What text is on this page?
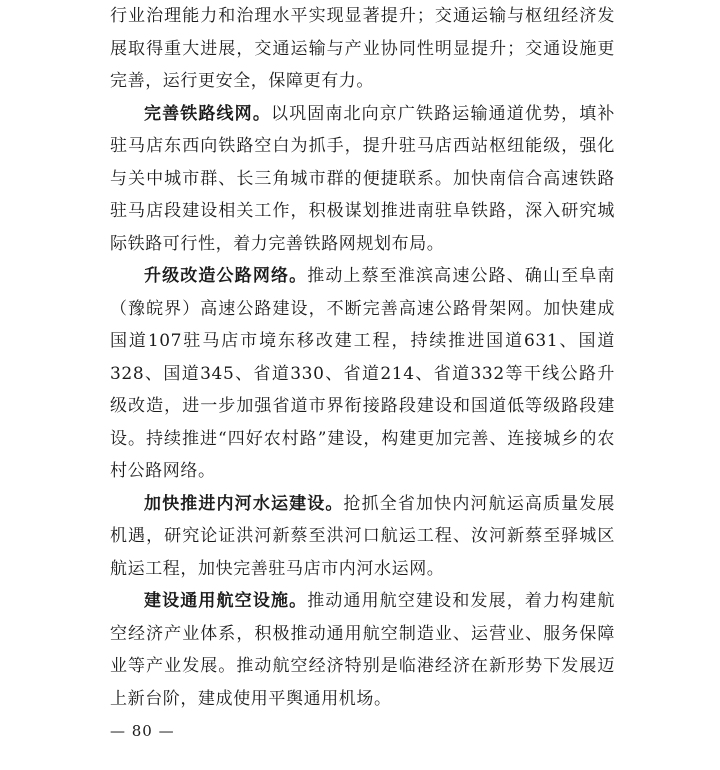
行业治理能力和治理水平实现显著提升；交通运输与枢纽经济发展取得重大进展，交通运输与产业协同性明显提升；交通设施更完善，运行更安全，保障更有力。

完善铁路线网。以巩固南北向京广铁路运输通道优势，填补驻马店东西向铁路空白为抓手，提升驻马店西站枢纽能级，强化与关中城市群、长三角城市群的便捷联系。加快南信合高速铁路驻马店段建设相关工作，积极谋划推进南驻阜铁路，深入研究城际铁路可行性，着力完善铁路网规划布局。

升级改造公路网络。推动上蔡至淮滨高速公路、确山至阜南（豫皖界）高速公路建设，不断完善高速公路骨架网。加快建成国道107驻马店市境东移改建工程，持续推进国道631、国道328、国道345、省道330、省道214、省道332等干线公路升级改造，进一步加强省道市界衔接路段建设和国道低等级路段建设。持续推进“四好农村路”建设，构建更加完善、连接城乡的农村公路网络。

加快推进内河水运建设。抢抓全省加快内河航运高质量发展机遇，研究论证洪河新蔡至洪河口航运工程、汝河新蔡至驿城区航运工程，加快完善驻马店市内河水运网。

建设通用航空设施。推动通用航空建设和发展，着力构建航空经济产业体系，积极推动通用航空制造业、运营业、服务保障业等产业发展。推动航空经济特别是临港经济在新形势下发展迈上新台阶，建成使用平舆通用机场。

— 80 —
